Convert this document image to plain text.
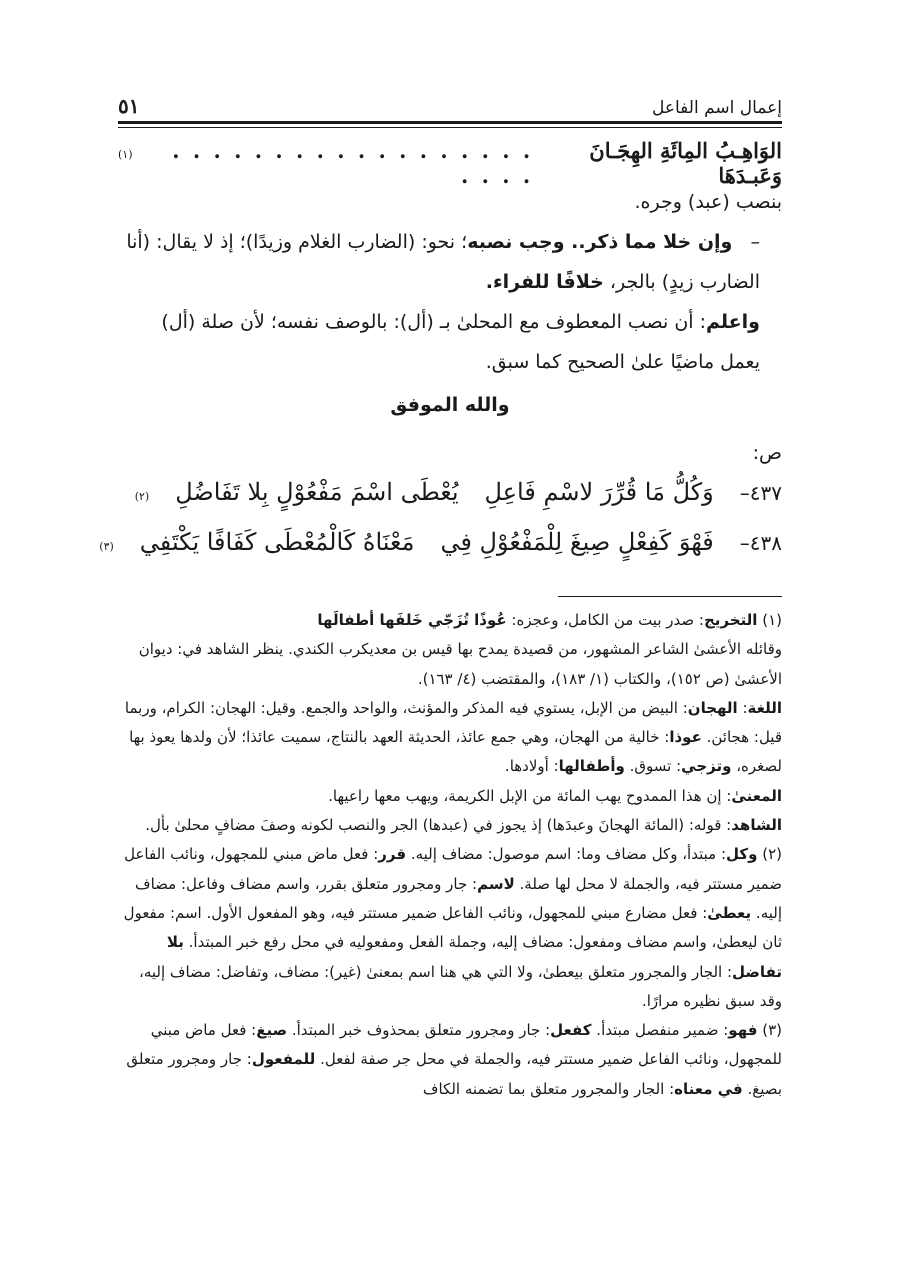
إعمال اسم الفاعل
٥١
الوَاهِـبُ المِائَةِ الهِجَـانَ وَعَبـدَهَا
. . . . . . . . . . . . . . . . . . . . . .
(١)

بنصب (عبد) وجره.

–   وإن خلا مما ذكر.. وجب نصبه؛ نحو: (الضارب الغلام وزيدًا)؛ إذ لا يقال: (أنا الضارب زيدٍ) بالجر، خلافًا للفراء.

واعلم: أن نصب المعطوف مع المحلىٰ بـ (أل): بالوصف نفسه؛ لأن صلة (أل) يعمل ماضيًا علىٰ الصحيح كما سبق.

والله الموفق

ص:
٤٣٧–
وَكُلُّ مَا قُرِّرَ لاسْمِ فَاعِلِ
يُعْطَى اسْمَ مَفْعُوْلٍ بِلا تَفَاضُلِ
(٢)
٤٣٨–
فَهْوَ كَفِعْلٍ صِيغَ لِلْمَفْعُوْلِ فِي
مَعْنَاهُ كَالْمُعْطَى كَفَافًا يَكْتَفِي
(٣)

(١) التخريج: صدر بيت من الكامل، وعجزه: عُوذًا تُزَجّي خَلفَها أطفالَها

وقائله الأعشىٰ الشاعر المشهور، من قصيدة يمدح بها قيس بن معديكرب الكندي. ينظر الشاهد في: ديوان الأعشىٰ (ص ١٥٢)، والكتاب (١/ ١٨٣)، والمقتضب (٤/ ١٦٣).

اللغة: الهجان: البيض من الإبل، يستوي فيه المذكر والمؤنث، والواحد والجمع. وقيل: الهجان: الكرام، وربما قيل: هجائن. عوذا: خالية من الهجان، وهي جمع عائذ، الحديثة العهد بالنتاج، سميت عائذا؛ لأن ولدها يعوذ بها لصغره، وتزجي: تسوق. وأطفالها: أولادها.

المعنىٰ: إن هذا الممدوح يهب المائة من الإبل الكريمة، ويهب معها راعيها.

الشاهد: قوله: (المائة الهجانَ وعبدَها) إذ يجوز في (عبدها) الجر والنصب لكونه وصفَ مضافٍ محلىٰ بأل.

(٢) وكل: مبتدأ، وكل مضاف وما: اسم موصول: مضاف إليه. قرر: فعل ماض مبني للمجهول، ونائب الفاعل ضمير مستتر فيه، والجملة لا محل لها صلة. لاسم: جار ومجرور متعلق بقرر، واسم مضاف وفاعل: مضاف إليه. يعطىٰ: فعل مضارع مبني للمجهول، ونائب الفاعل ضمير مستتر فيه، وهو المفعول الأول. اسم: مفعول ثان ليعطىٰ، واسم مضاف ومفعول: مضاف إليه، وجملة الفعل ومفعوليه في محل رفع خبر المبتدأ. بلا تفاضل: الجار والمجرور متعلق بيعطىٰ، ولا التي هي هنا اسم بمعنىٰ (غير): مضاف، وتفاضل: مضاف إليه، وقد سبق نظيره مرارًا.

(٣) فهو: ضمير منفصل مبتدأ. كفعل: جار ومجرور متعلق بمحذوف خبر المبتدأ. صيغ: فعل ماض مبني للمجهول، ونائب الفاعل ضمير مستتر فيه، والجملة في محل جر صفة لفعل. للمفعول: جار ومجرور متعلق بصيغ. في معناه: الجار والمجرور متعلق بما تضمنه الكاف
